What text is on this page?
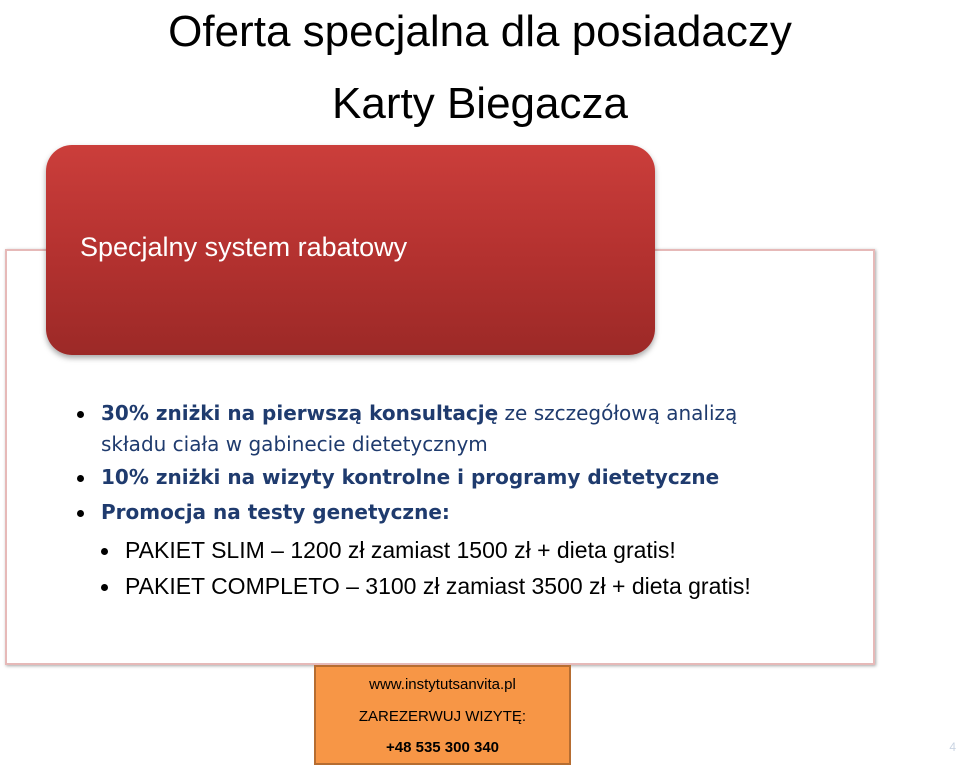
Oferta specjalna dla posiadaczy
Karty Biegacza
Specjalny system rabatowy
30% zniżki na pierwszą konsultację ze szczegółową analizą
składu ciała w gabinecie dietetycznym
10% zniżki na wizyty kontrolne i programy dietetyczne
Promocja na testy genetyczne:
PAKIET SLIM – 1200 zł zamiast 1500 zł + dieta gratis!
PAKIET COMPLETO – 3100 zł zamiast 3500 zł + dieta gratis!
www.instytutsanvita.pl
ZAREZERWUJ WIZYTĘ:
+48 535 300 340	4
